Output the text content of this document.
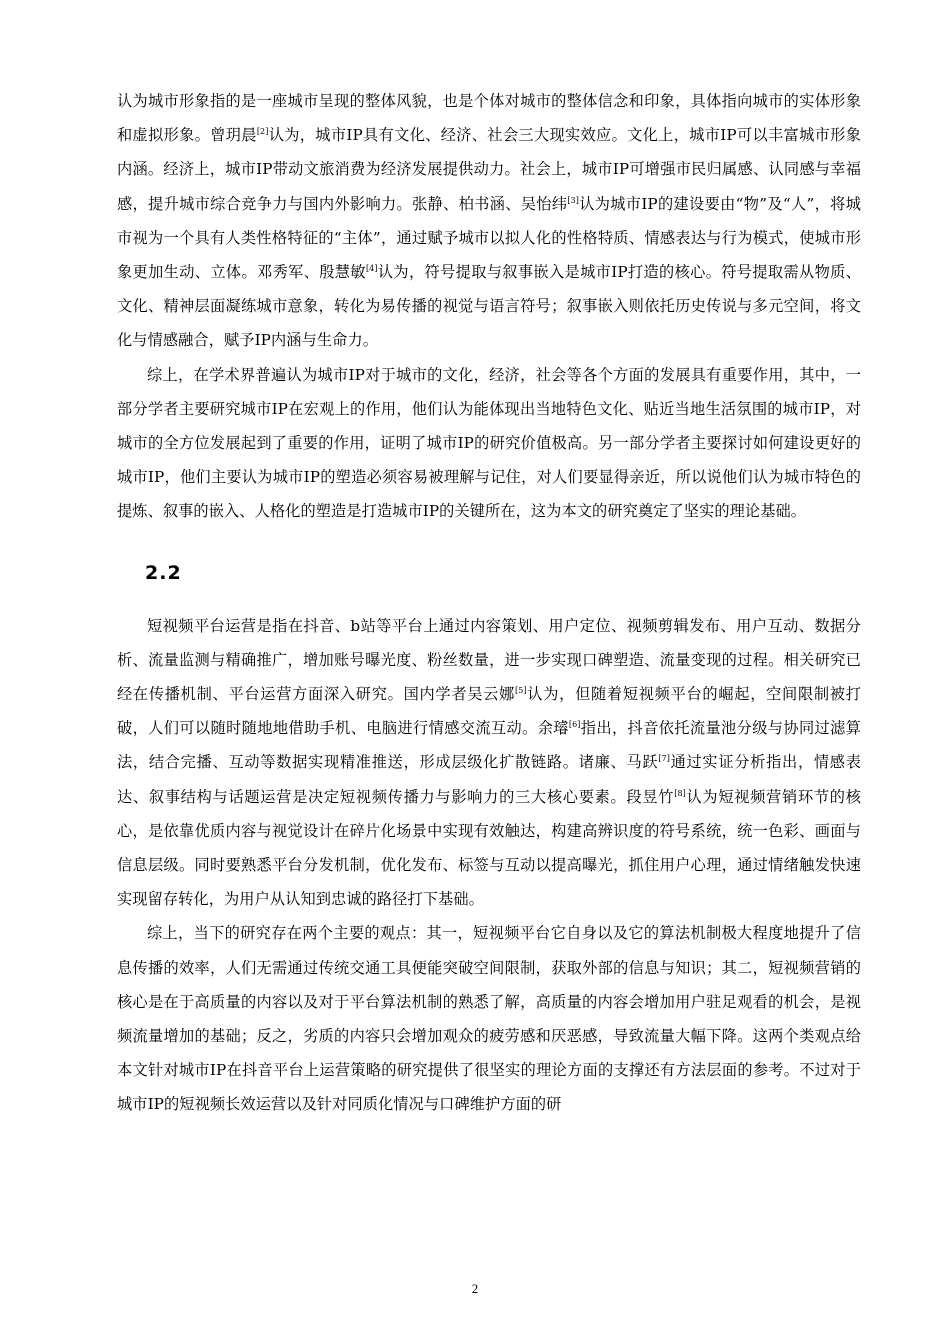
认为城市形象指的是一座城市呈现的整体风貌，也是个体对城市的整体信念和印象，具体指向城市的实体形象和虚拟形象。曾玥晨[2]认为，城市IP具有文化、经济、社会三大现实效应。文化上，城市IP可以丰富城市形象内涵。经济上，城市IP带动文旅消费为经济发展提供动力。社会上，城市IP可增强市民归属感、认同感与幸福感，提升城市综合竞争力与国内外影响力。张静、柏书涵、吴怡纬[3]认为城市IP的建设要由“物”及“人”，将城市视为一个具有人类性格特征的“主体”，通过赋予城市以拟人化的性格特质、情感表达与行为模式，使城市形象更加生动、立体。邓秀军、殷慧敏[4]认为，符号提取与叙事嵌入是城市IP打造的核心。符号提取需从物质、文化、精神层面凝练城市意象，转化为易传播的视觉与语言符号；叙事嵌入则依托历史传说与多元空间，将文化与情感融合，赋予IP内涵与生命力。

综上，在学术界普遍认为城市IP对于城市的文化，经济，社会等各个方面的发展具有重要作用，其中，一部分学者主要研究城市IP在宏观上的作用，他们认为能体现出当地特色文化、贴近当地生活氛围的城市IP，对城市的全方位发展起到了重要的作用，证明了城市IP的研究价值极高。另一部分学者主要探讨如何建设更好的城市IP，他们主要认为城市IP的塑造必须容易被理解与记住，对人们要显得亲近，所以说他们认为城市特色的提炼、叙事的嵌入、人格化的塑造是打造城市IP的关键所在，这为本文的研究奠定了坚实的理论基础。

2.2

短视频平台运营是指在抖音、b站等平台上通过内容策划、用户定位、视频剪辑发布、用户互动、数据分析、流量监测与精确推广，增加账号曝光度、粉丝数量，进一步实现口碑塑造、流量变现的过程。相关研究已经在传播机制、平台运营方面深入研究。国内学者吴云娜[5]认为，但随着短视频平台的崛起，空间限制被打破，人们可以随时随地地借助手机、电脑进行情感交流互动。余璿[6]指出，抖音依托流量池分级与协同过滤算法，结合完播、互动等数据实现精准推送，形成层级化扩散链路。诸廉、马跃[7]通过实证分析指出，情感表达、叙事结构与话题运营是决定短视频传播力与影响力的三大核心要素。段昱竹[8]认为短视频营销环节的核心，是依靠优质内容与视觉设计在碎片化场景中实现有效触达，构建高辨识度的符号系统，统一色彩、画面与信息层级。同时要熟悉平台分发机制，优化发布、标签与互动以提高曝光，抓住用户心理，通过情绪触发快速实现留存转化，为用户从认知到忠诚的路径打下基础。

综上，当下的研究存在两个主要的观点：其一，短视频平台它自身以及它的算法机制极大程度地提升了信息传播的效率，人们无需通过传统交通工具便能突破空间限制，获取外部的信息与知识；其二，短视频营销的核心是在于高质量的内容以及对于平台算法机制的熟悉了解，高质量的内容会增加用户驻足观看的机会，是视频流量增加的基础；反之，劣质的内容只会增加观众的疲劳感和厌恶感，导致流量大幅下降。这两个类观点给本文针对城市IP在抖音平台上运营策略的研究提供了很坚实的理论方面的支撑还有方法层面的参考。不过对于城市IP的短视频长效运营以及针对同质化情况与口碑维护方面的研

2
